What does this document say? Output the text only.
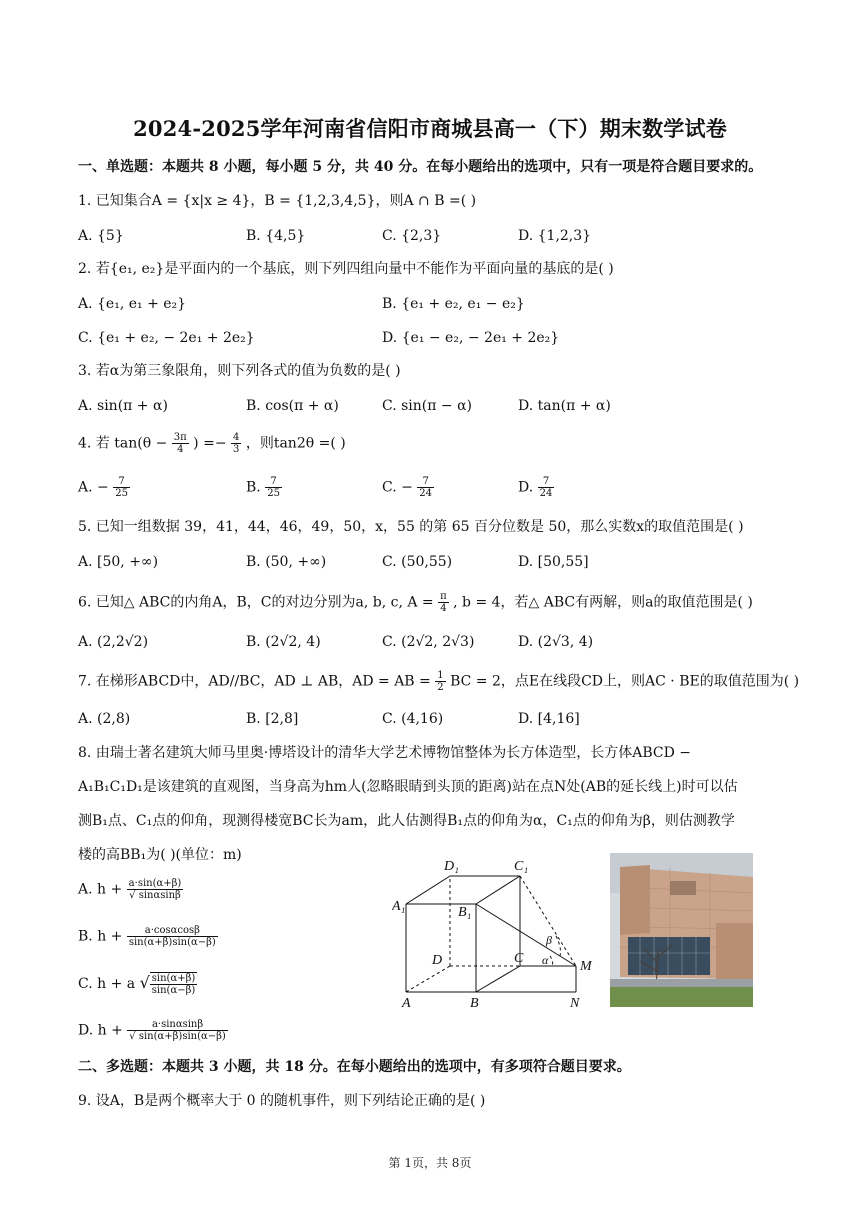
2024-2025学年河南省信阳市商城县高一（下）期末数学试卷
一、单选题：本题共 8 小题，每小题 5 分，共 40 分。在每小题给出的选项中，只有一项是符合题目要求的。
1. 已知集合A = {x|x ≥ 4}，B = {1,2,3,4,5}，则A ∩ B =( )
A. {5}	B. {4,5}	C. {2,3}	D. {1,2,3}
2. 若{e₁, e₂}是平面内的一个基底，则下列四组向量中不能作为平面向量的基底的是( )
A. {e₁, e₁ + e₂}	B. {e₁ + e₂, e₁ − e₂}
C. {e₁ + e₂, − 2e₁ + 2e₂}	D. {e₁ − e₂, − 2e₁ + 2e₂}
3. 若α为第三象限角，则下列各式的值为负数的是( )
A. sin(π + α)	B. cos(π + α)	C. sin(π − α)	D. tan(π + α)
4. 若 $\tan(\theta - \frac{3\pi}{4}$ ) =− $\frac{4}{3}$ ，则tan2θ =( )
A. − $\frac{7}{25}$	B. $\frac{7}{25}$	C. − $\frac{7}{24}$	D. $\frac{7}{24}$
5. 已知一组数据 39，41，44，46，49，50，x，55 的第 65 百分位数是 50，那么实数x的取值范围是( )
A. [50, +∞)	B. (50, +∞)	C. (50,55)	D. [50,55]
6. 已知△ ABC的内角A，B，C的对边分别为a, b, c, $A = \frac{\pi}{4}$ , b = 4，若△ ABC有两解，则a的取值范围是( )
A. (2,2√2)	B. (2√2, 4)	C. (2√2, 2√3)	D. (2√3, 4)
7. 在梯形ABCD中，AD//BC，AD ⊥ AB，AD = AB = $\frac{1}{2}$ BC = 2，点E在线段CD上，则AC · BE的取值范围为( )
A. (2,8)	B. [2,8]	C. (4,16)	D. [4,16]
8. 由瑞士著名建筑大师马里奥·博塔设计的清华大学艺术博物馆整体为长方体造型，长方体ABCD −
A₁B₁C₁D₁是该建筑的直观图，当身高为hm人(忽略眼睛到头顶的距离)站在点N处(AB的延长线上)时可以估
测B₁点、C₁点的仰角，现测得楼宽BC长为am，此人估测得B₁点的仰角为α，C₁点的仰角为β，则估测教学
楼的高BB₁为( )(单位：m)
A. $h + \frac{a\cdot\sin(\alpha+\beta)}{√ \sin\alpha\sin\beta}$
B. $h + \frac{a\cdot\cos\alpha\cos\beta}{\sin(\alpha+\beta)\sin(\alpha-\beta)}$
C. h + a √ $\frac{\sin(\alpha+\beta)}{\sin(\alpha-\beta)}$
D. $h + \frac{a\cdot\sin\alpha\sin\beta}{√ \sin(\alpha+\beta)\sin(\alpha-\beta)}$
D₁	C₁
A₁	B₁
D	C
M
A	B	N
β
α
二、多选题：本题共 3 小题，共 18 分。在每小题给出的选项中，有多项符合题目要求。
9. 设A，B是两个概率大于 0 的随机事件，则下列结论正确的是( )
第 1页，共 8页
